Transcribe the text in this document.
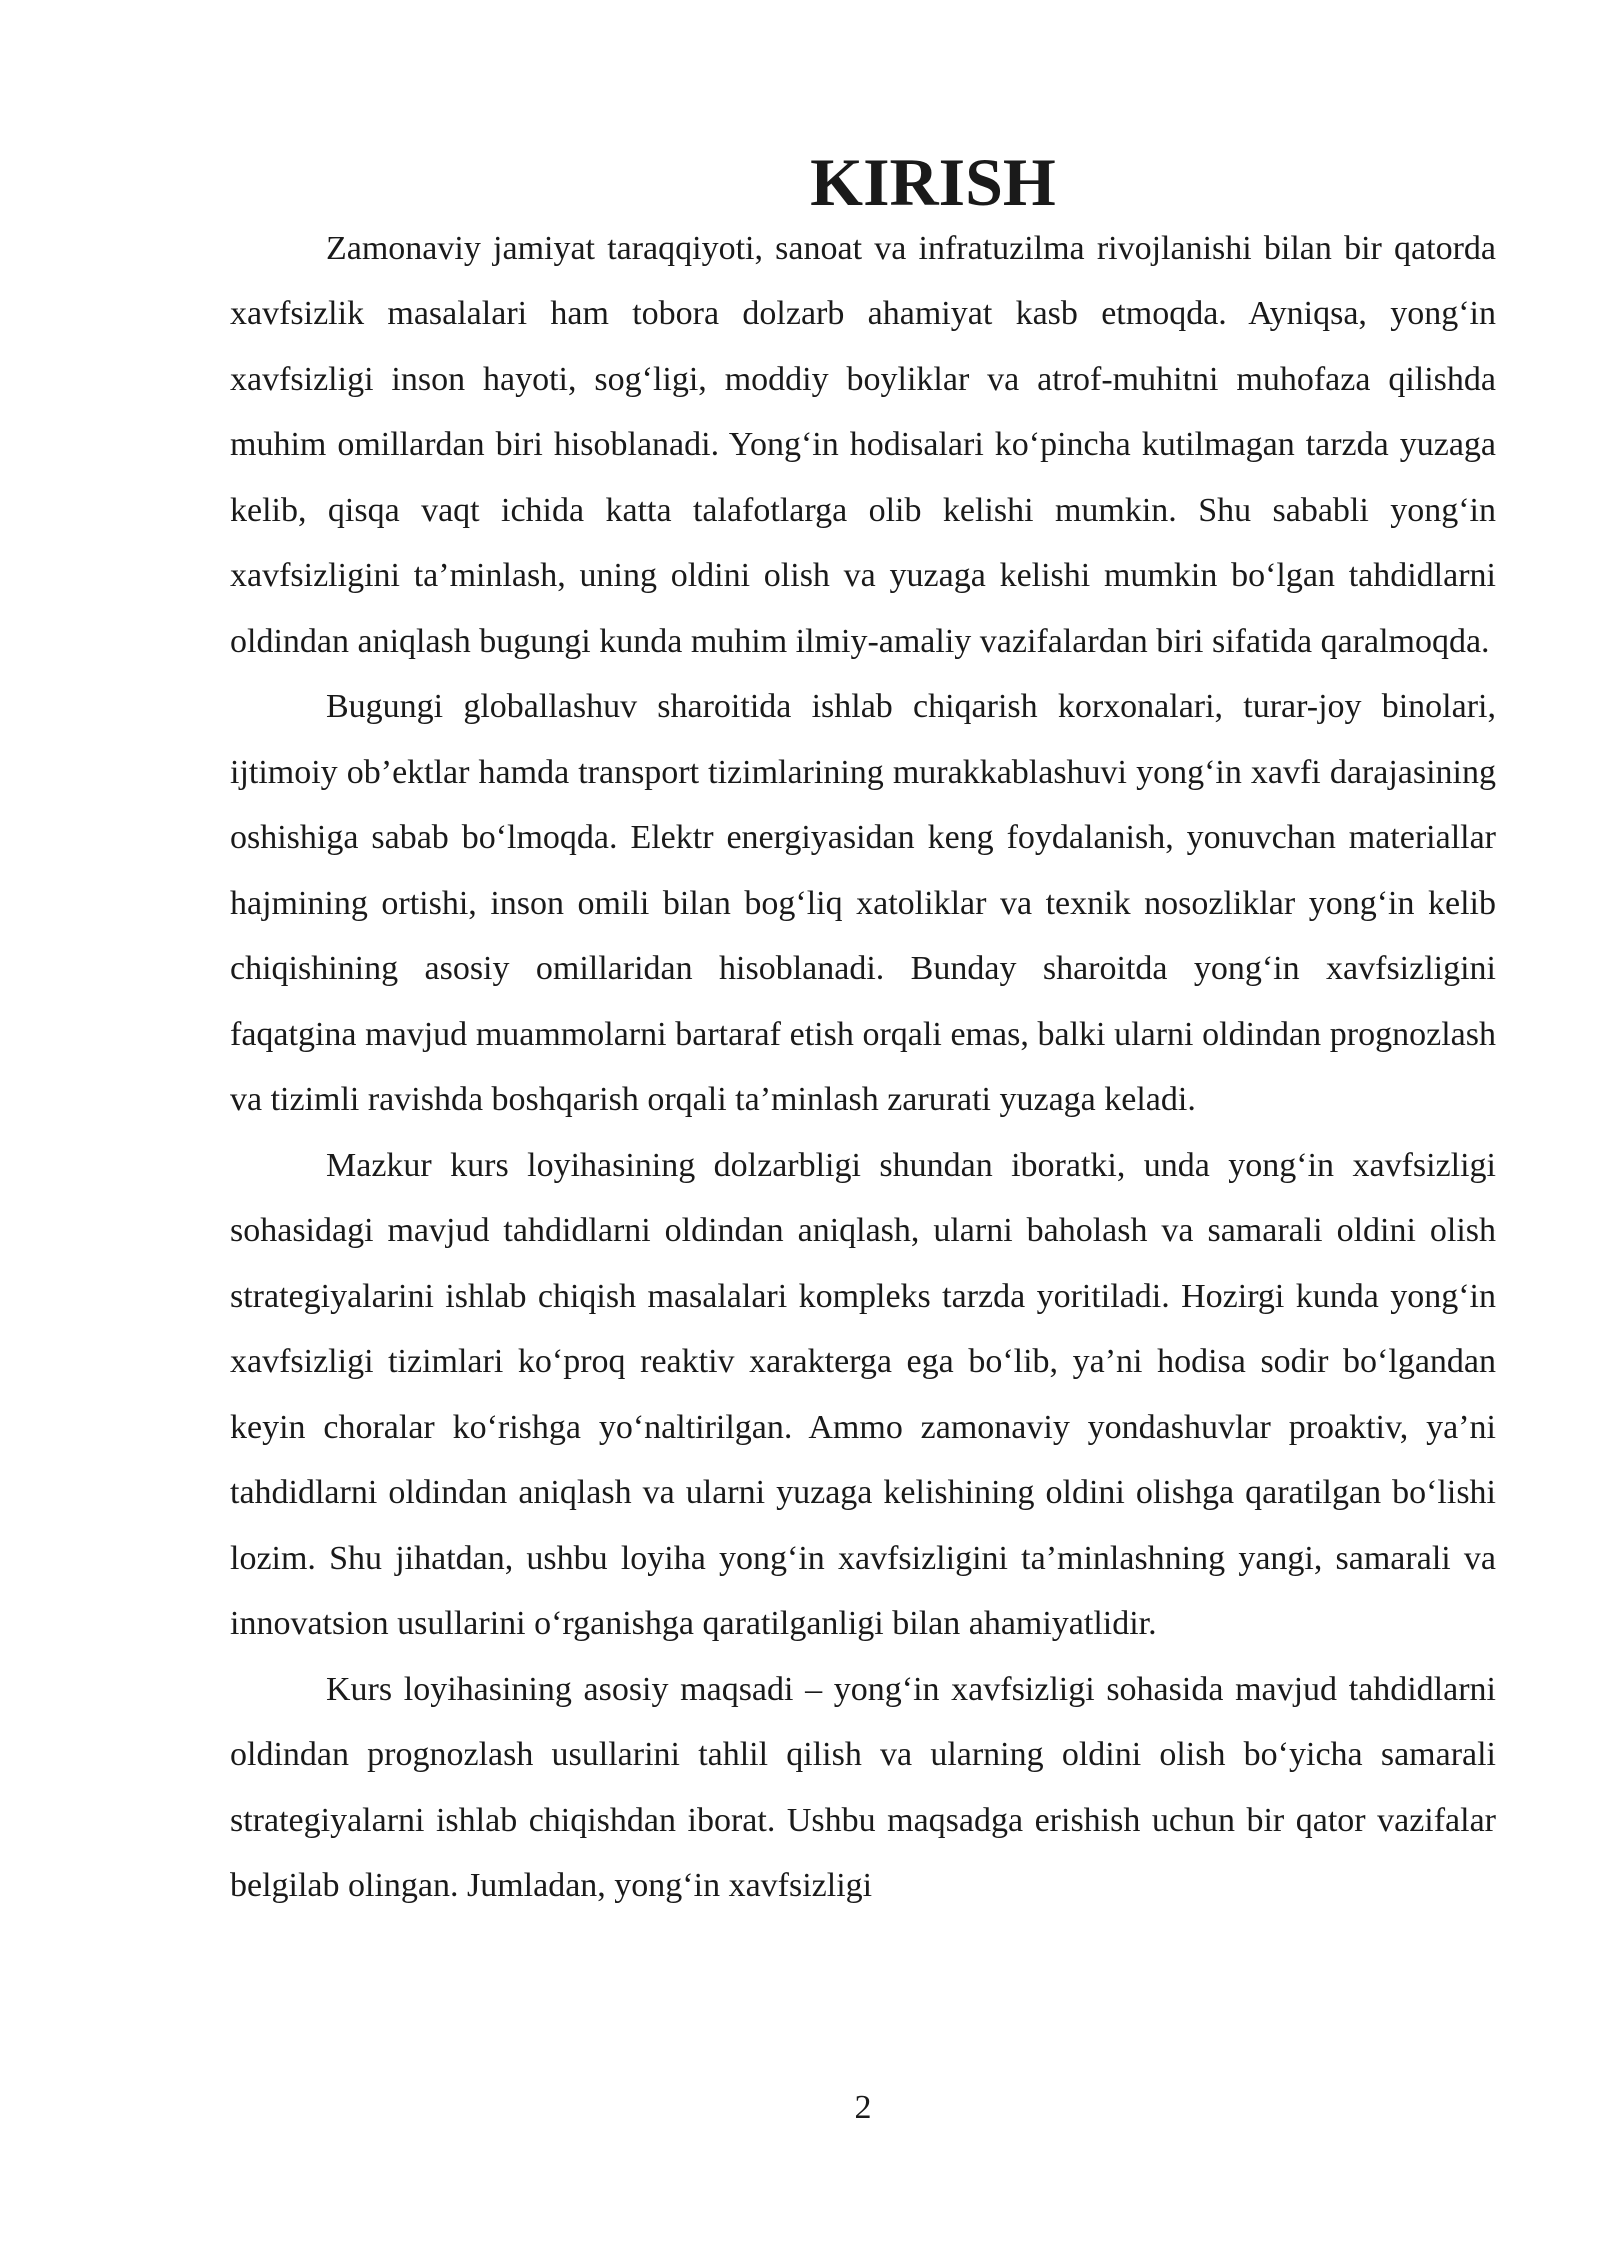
KIRISH

Zamonaviy jamiyat taraqqiyoti, sanoat va infratuzilma rivojlanishi bilan bir qatorda xavfsizlik masalalari ham tobora dolzarb ahamiyat kasb etmoqda. Ayniqsa, yong‘in xavfsizligi inson hayoti, sog‘ligi, moddiy boyliklar va atrof-muhitni muhofaza qilishda muhim omillardan biri hisoblanadi. Yong‘in hodisalari ko‘pincha kutilmagan tarzda yuzaga kelib, qisqa vaqt ichida katta talafotlarga olib kelishi mumkin. Shu sababli yong‘in xavfsizligini ta’minlash, uning oldini olish va yuzaga kelishi mumkin bo‘lgan tahdidlarni oldindan aniqlash bugungi kunda muhim ilmiy-amaliy vazifalardan biri sifatida qaralmoqda.

Bugungi globallashuv sharoitida ishlab chiqarish korxonalari, turar-joy binolari, ijtimoiy ob’ektlar hamda transport tizimlarining murakkablashuvi yong‘in xavfi darajasining oshishiga sabab bo‘lmoqda. Elektr energiyasidan keng foydalanish, yonuvchan materiallar hajmining ortishi, inson omili bilan bog‘liq xatoliklar va texnik nosozliklar yong‘in kelib chiqishining asosiy omillaridan hisoblanadi. Bunday sharoitda yong‘in xavfsizligini faqatgina mavjud muammolarni bartaraf etish orqali emas, balki ularni oldindan prognozlash va tizimli ravishda boshqarish orqali ta’minlash zarurati yuzaga keladi.

Mazkur kurs loyihasining dolzarbligi shundan iboratki, unda yong‘in xavfsizligi sohasidagi mavjud tahdidlarni oldindan aniqlash, ularni baholash va samarali oldini olish strategiyalarini ishlab chiqish masalalari kompleks tarzda yoritiladi. Hozirgi kunda yong‘in xavfsizligi tizimlari ko‘proq reaktiv xarakterga ega bo‘lib, ya’ni hodisa sodir bo‘lgandan keyin choralar ko‘rishga yo‘naltirilgan. Ammo zamonaviy yondashuvlar proaktiv, ya’ni tahdidlarni oldindan aniqlash va ularni yuzaga kelishining oldini olishga qaratilgan bo‘lishi lozim. Shu jihatdan, ushbu loyiha yong‘in xavfsizligini ta’minlashning yangi, samarali va innovatsion usullarini o‘rganishga qaratilganligi bilan ahamiyatlidir.

Kurs loyihasining asosiy maqsadi – yong‘in xavfsizligi sohasida mavjud tahdidlarni oldindan prognozlash usullarini tahlil qilish va ularning oldini olish bo‘yicha samarali strategiyalarni ishlab chiqishdan iborat. Ushbu maqsadga erishish uchun bir qator vazifalar belgilab olingan. Jumladan, yong‘in xavfsizligi

2
